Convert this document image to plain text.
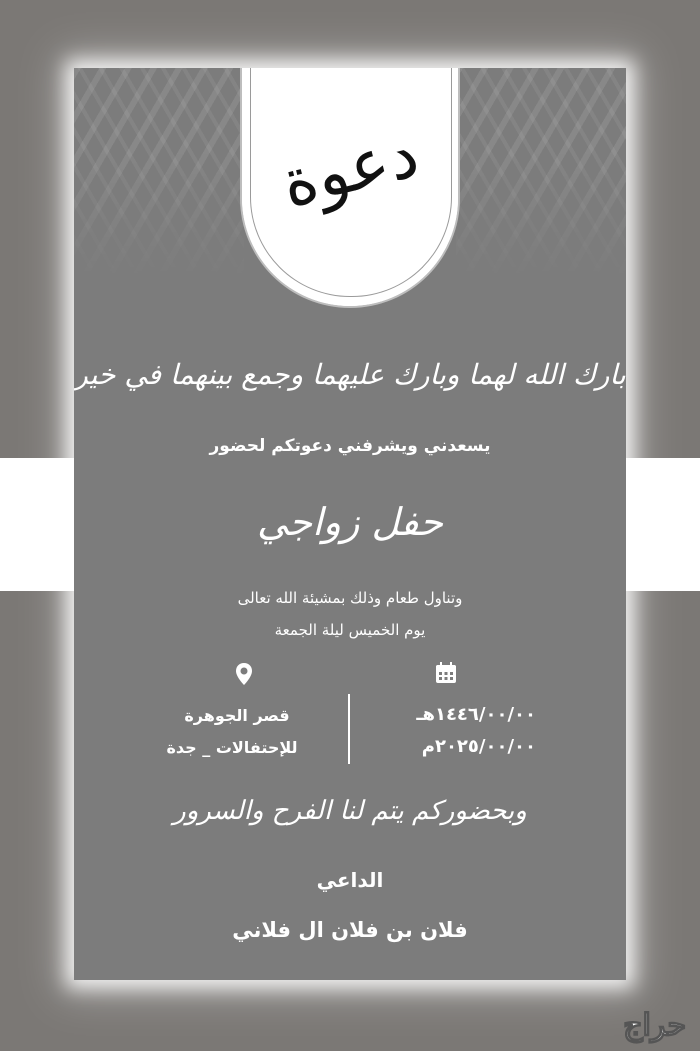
دعوة
بارك الله لهما وبارك عليهما وجمع بينهما في خير
يسعدني ويشرفني دعوتكم لحضور
حفل زواجي
وتناول طعام وذلك بمشيئة الله تعالى
يوم الخميس ليلة الجمعة
١٤٤٦/٠٠/٠٠هـ
٢٠٢٥/٠٠/٠٠م
قصر الجوهرة
للإحتفالات _ جدة
وبحضوركم يتم لنا الفرح والسرور
الداعي
فلان بن فلان ال فلاني
حراج
